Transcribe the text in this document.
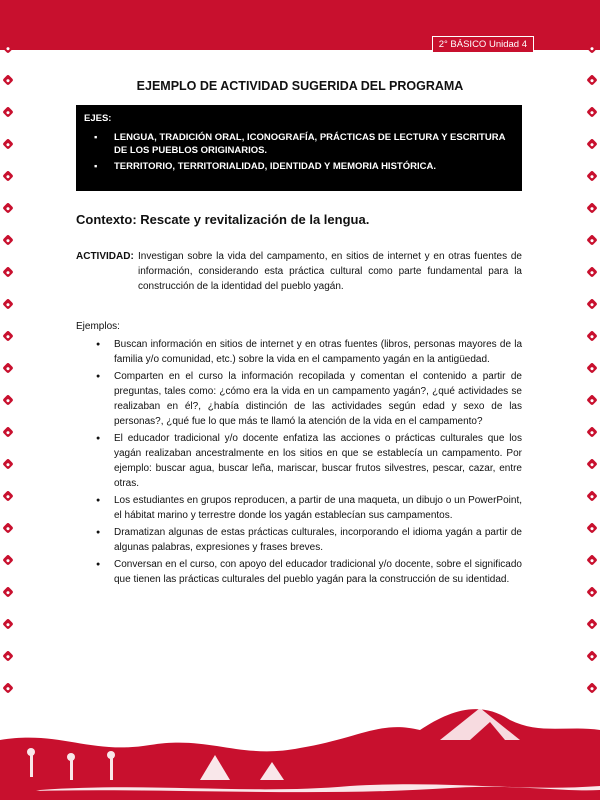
2° BÁSICO Unidad 4
EJEMPLO DE ACTIVIDAD SUGERIDA DEL PROGRAMA
EJES:
▪ LENGUA, TRADICIÓN ORAL, ICONOGRAFÍA, PRÁCTICAS DE LECTURA Y ESCRITURA DE LOS PUEBLOS ORIGINARIOS.
▪ TERRITORIO, TERRITORIALIDAD, IDENTIDAD Y MEMORIA HISTÓRICA.
Contexto: Rescate y revitalización de la lengua.
ACTIVIDAD: Investigan sobre la vida del campamento, en sitios de internet y en otras fuentes de información, considerando esta práctica cultural como parte fundamental para la construcción de la identidad del pueblo yagán.
Ejemplos:
● Buscan información en sitios de internet y en otras fuentes (libros, personas mayores de la familia y/o comunidad, etc.) sobre la vida en el campamento yagán en la antigüedad.
● Comparten en el curso la información recopilada y comentan el contenido a partir de preguntas, tales como: ¿cómo era la vida en un campamento yagán?, ¿qué actividades se realizaban en él?, ¿había distinción de las actividades según edad y sexo de las personas?, ¿qué fue lo que más te llamó la atención de la vida en el campamento?
● El educador tradicional y/o docente enfatiza las acciones o prácticas culturales que los yagán realizaban ancestralmente en los sitios en que se establecía un campamento. Por ejemplo: buscar agua, buscar leña, mariscar, buscar frutos silvestres, pescar, cazar, entre otras.
● Los estudiantes en grupos reproducen, a partir de una maqueta, un dibujo o un PowerPoint, el hábitat marino y terrestre donde los yagán establecían sus campamentos.
● Dramatizan algunas de estas prácticas culturales, incorporando el idioma yagán a partir de algunas palabras, expresiones y frases breves.
● Conversan en el curso, con apoyo del educador tradicional y/o docente, sobre el significado que tienen las prácticas culturales del pueblo yagán para la construcción de su identidad.
